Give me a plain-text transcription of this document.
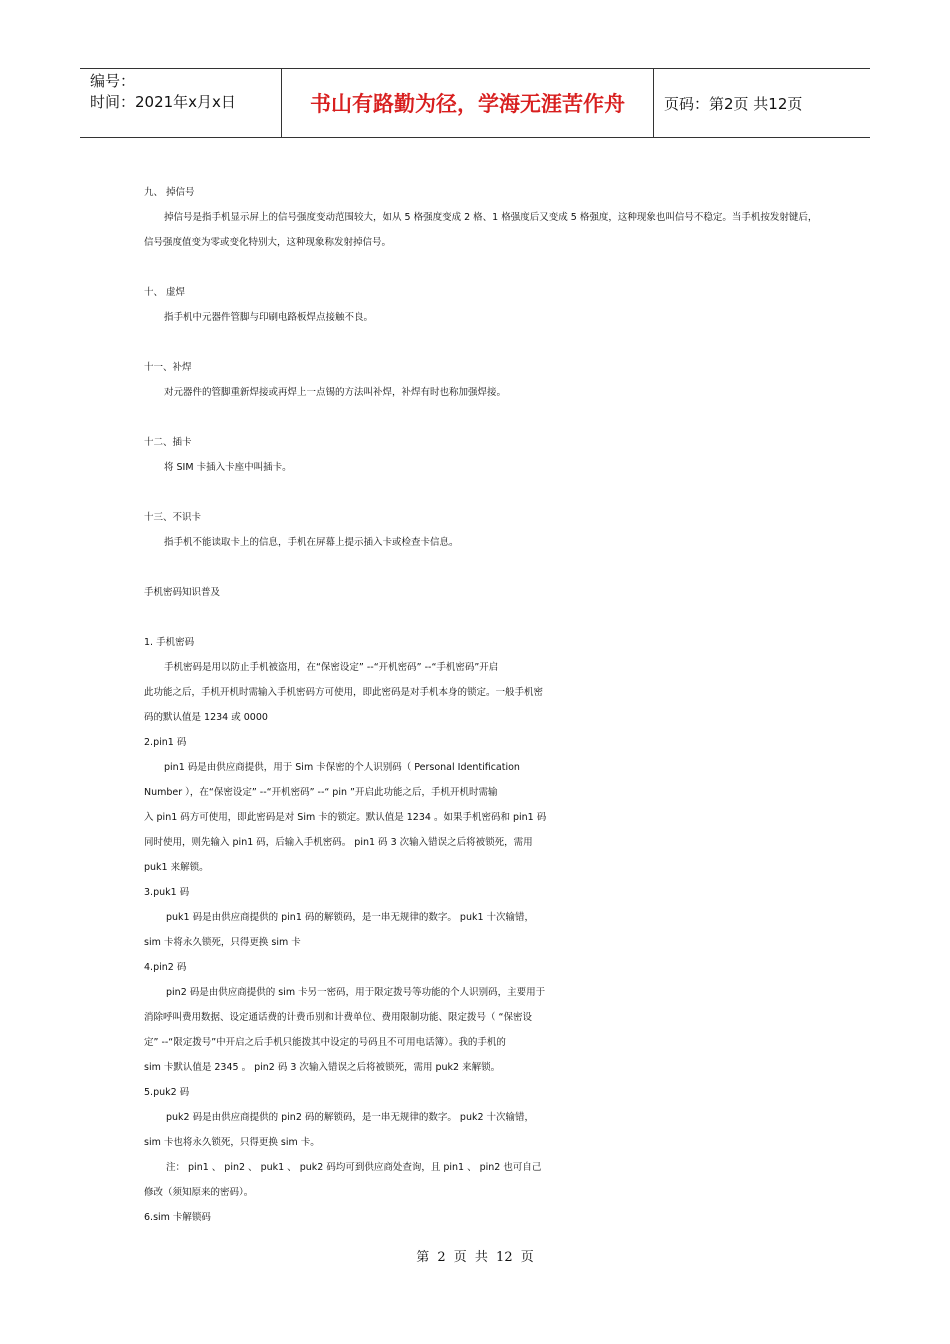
编号：
时间：2021年x月x日	书山有路勤为径，学海无涯苦作舟	页码：第2页 共12页
九、 掉信号
掉信号是指手机显示屏上的信号强度变动范围较大，如从 5 格强度变成 2 格、1 格强度后又变成 5 格强度，这种现象也叫信号不稳定。当手机按发射键后，
信号强度值变为零或变化特别大，这种现象称发射掉信号。
十、 虚焊
指手机中元器件管脚与印刷电路板焊点接触不良。
十一、补焊
对元器件的管脚重新焊接或再焊上一点锡的方法叫补焊，补焊有时也称加强焊接。
十二、插卡
将 SIM 卡插入卡座中叫插卡。
十三、不识卡
指手机不能读取卡上的信息，手机在屏幕上提示插入卡或检查卡信息。
手机密码知识普及
1. 手机密码
手机密码是用以防止手机被盗用，在“保密设定” --“开机密码” --“手机密码”开启
此功能之后，手机开机时需输入手机密码方可使用，即此密码是对手机本身的锁定。一般手机密
码的默认值是 1234 或 0000
2.pin1 码
pin1 码是由供应商提供，用于 Sim 卡保密的个人识别码（ Personal Identification
Number ），在“保密设定” --“开机密码” --“ pin ”开启此功能之后，手机开机时需输
入 pin1 码方可使用，即此密码是对 Sim 卡的锁定。默认值是 1234 。如果手机密码和 pin1 码
同时使用，则先输入 pin1 码，后输入手机密码。 pin1 码 3 次输入错误之后将被锁死，需用
puk1 来解锁。
3.puk1 码
puk1 码是由供应商提供的 pin1 码的解锁码，是一串无规律的数字。 puk1 十次输错，
sim 卡将永久锁死，只得更换 sim 卡
4.pin2 码
pin2 码是由供应商提供的 sim 卡另一密码，用于限定拨号等功能的个人识别码，主要用于
消除呼叫费用数据、设定通话费的计费币别和计费单位、费用限制功能、限定拨号（ “保密设
定” --“限定拨号”中开启之后手机只能拨其中设定的号码且不可用电话簿）。我的手机的
sim 卡默认值是 2345 。 pin2 码 3 次输入错误之后将被锁死，需用 puk2 来解锁。
5.puk2 码
puk2 码是由供应商提供的 pin2 码的解锁码，是一串无规律的数字。 puk2 十次输错，
sim 卡也将永久锁死，只得更换 sim 卡。
注： pin1 、 pin2 、 puk1 、 puk2 码均可到供应商处查询，且 pin1 、 pin2 也可自己
修改（须知原来的密码）。
6.sim 卡解锁码
第 2 页 共 12 页
